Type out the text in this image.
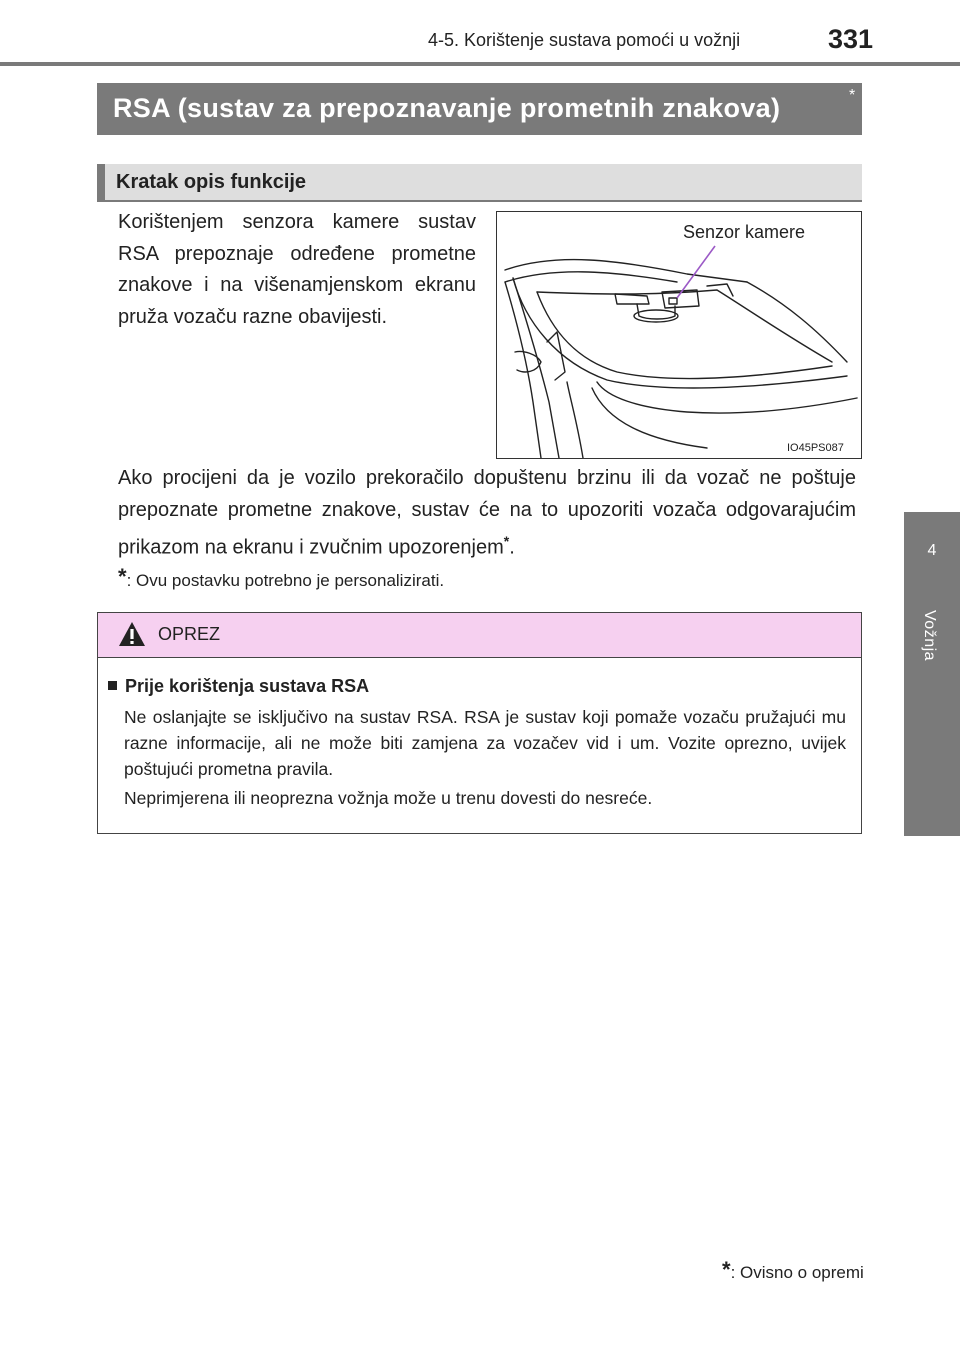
4-5. Korištenje sustava pomoći u vožnji	331
4
Vožnja
RSA (sustav za prepoznavanje prometnih znakova)	*
Kratak opis funkcije
Korištenjem senzora kamere sustav RSA prepoznaje određene prometne znakove i na višenamjenskom ekranu pruža vozaču razne obavijesti.
Senzor kamere
IO45PS087
Ako procijeni da je vozilo prekoračilo dopuštenu brzinu ili da vozač ne poštuje prepoznate prometne znakove, sustav će na to upozoriti vozača odgovarajućim prikazom na ekranu i zvučnim upozorenjem*.
*: Ovu postavku potrebno je personalizirati.
OPREZ
Prije korištenja sustava RSA
Ne oslanjajte se isključivo na sustav RSA. RSA je sustav koji pomaže vozaču pružajući mu razne informacije, ali ne može biti zamjena za vozačev vid i um. Vozite oprezno, uvijek poštujući prometna pravila.
Neprimjerena ili neoprezna vožnja može u trenu dovesti do nesreće.
*: Ovisno o opremi
